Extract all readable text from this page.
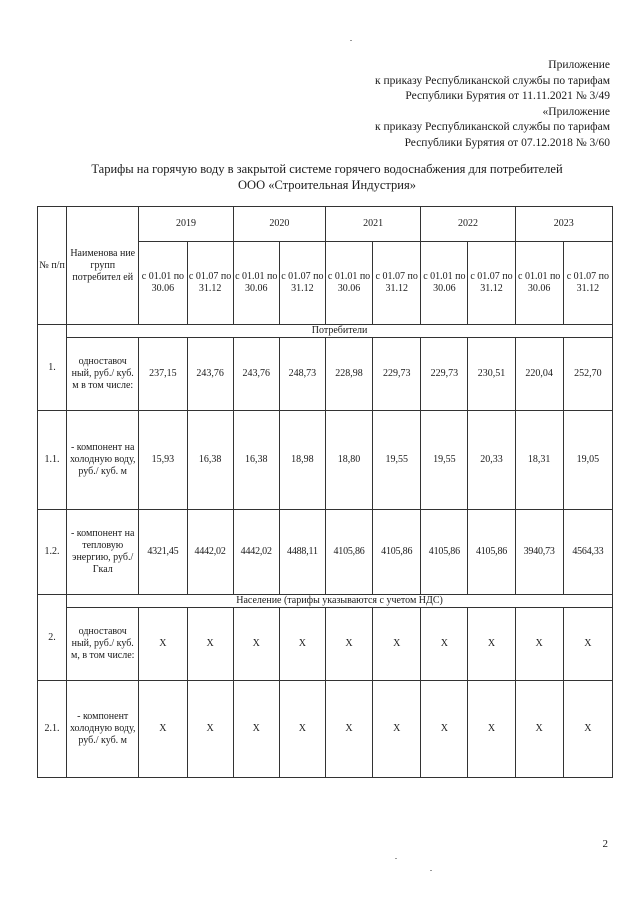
Приложение
к приказу Республиканской службы по тарифам
Республики Бурятия от 11.11.2021 № 3/49
«Приложение
к приказу Республиканской службы по тарифам
Республики Бурятия от 07.12.2018 № 3/60
Тарифы на горячую воду в закрытой системе горячего водоснабжения для потребителей
ООО «Строительная Индустрия»
№ п/п	Наименова ние групп потребител ей	2019		2020		2021		2022		2023	
		с 01.01 по 30.06	с 01.07 по 31.12	с 01.01 по 30.06	с 01.07 по 31.12	с 01.01 по 30.06	с 01.07 по 31.12	с 01.01 по 30.06	с 01.07 по 31.12	с 01.01 по 30.06	с 01.07 по 31.12
1.	Потребители										
	одноставоч ный, руб./ куб. м в том числе:	237,15	243,76	243,76	248,73	228,98	229,73	229,73	230,51	220,04	252,70
1.1.	- компонент на холодную воду, руб./ куб. м	15,93	16,38	16,38	18,98	18,80	19,55	19,55	20,33	18,31	19,05
1.2.	- компонент на тепловую энергию, руб./Гкал	4321,45	4442,02	4442,02	4488,11	4105,86	4105,86	4105,86	4105,86	3940,73	4564,33
2.	Население (тарифы указываются с учетом НДС)										
	одноставоч ный, руб./ куб. м, в том числе:	Х	Х	Х	Х	Х	Х	Х	Х	Х	Х
2.1.	- компонент холодную воду, руб./ куб. м	Х	Х	Х	Х	Х	Х	Х	Х	Х	Х
2
